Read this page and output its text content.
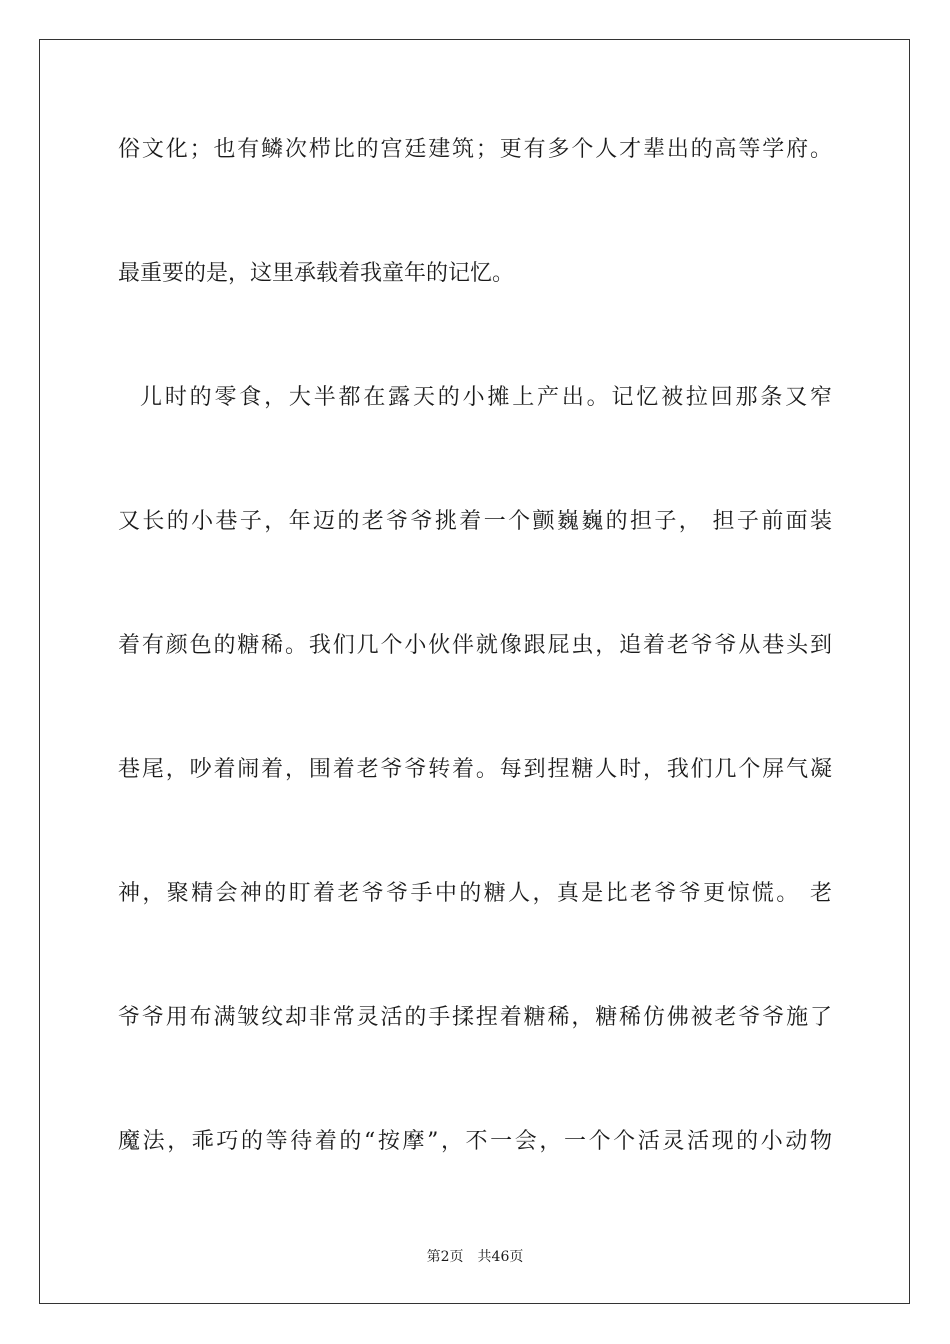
俗文化；也有鳞次栉比的宫廷建筑；更有多个人才辈出的高等学府。
最重要的是，这里承载着我童年的记忆。
儿时的零食，大半都在露天的小摊上产出。记忆被拉回那条又窄
又长的小巷子，年迈的老爷爷挑着一个颤巍巍的担子， 担子前面装
着有颜色的糖稀。我们几个小伙伴就像跟屁虫，追着老爷爷从巷头到
巷尾，吵着闹着，围着老爷爷转着。每到捏糖人时，我们几个屏气凝
神，聚精会神的盯着老爷爷手中的糖人，真是比老爷爷更惊慌。 老
爷爷用布满皱纹却非常灵活的手揉捏着糖稀，糖稀仿佛被老爷爷施了
魔法，乖巧的等待着的“按摩”，不一会，一个个活灵活现的小动物
第2页 共46页
